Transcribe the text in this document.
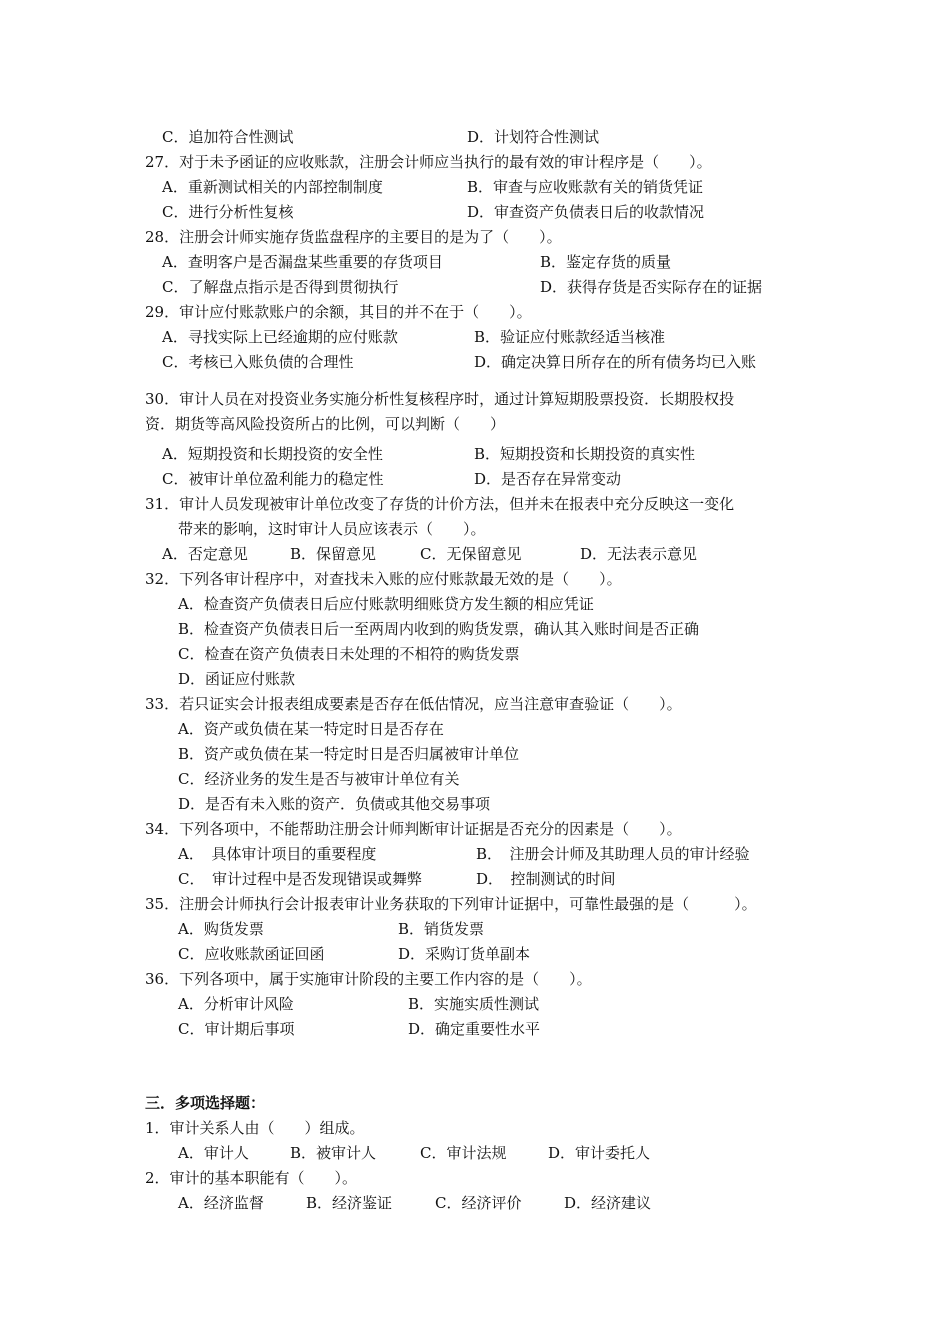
C．追加符合性测试	D．计划符合性测试
27．对于未予函证的应收账款，注册会计师应当执行的最有效的审计程序是（　　）。
A．重新测试相关的内部控制制度	B．审查与应收账款有关的销货凭证
C．进行分析性复核	D．审查资产负债表日后的收款情况
28．注册会计师实施存货监盘程序的主要目的是为了（　　）。
A．查明客户是否漏盘某些重要的存货项目	B．鉴定存货的质量
C．了解盘点指示是否得到贯彻执行	D．获得存货是否实际存在的证据
29．审计应付账款账户的余额，其目的并不在于（　　）。
A．寻找实际上已经逾期的应付账款	B．验证应付账款经适当核准
C．考核已入账负债的合理性	D．确定决算日所存在的所有债务均已入账
30．审计人员在对投资业务实施分析性复核程序时，通过计算短期股票投资．长期股权投
资．期货等高风险投资所占的比例，可以判断（　　）
A．短期投资和长期投资的安全性	B．短期投资和长期投资的真实性
C．被审计单位盈利能力的稳定性	D．是否存在异常变动
31．审计人员发现被审计单位改变了存货的计价方法，但并未在报表中充分反映这一变化
带来的影响，这时审计人员应该表示（　　）。
A．否定意见	B．保留意见	C．无保留意见	D．无法表示意见
32．下列各审计程序中，对查找未入账的应付账款最无效的是（　　）。
A．检查资产负债表日后应付账款明细账贷方发生额的相应凭证
B．检查资产负债表日后一至两周内收到的购货发票，确认其入账时间是否正确
C．检查在资产负债表日未处理的不相符的购货发票
D．函证应付账款
33．若只证实会计报表组成要素是否存在低估情况，应当注意审查验证（　　）。
A．资产或负债在某一特定时日是否存在
B．资产或负债在某一特定时日是否归属被审计单位
C．经济业务的发生是否与被审计单位有关
D．是否有未入账的资产．负债或其他交易事项
34．下列各项中，不能帮助注册会计师判断审计证据是否充分的因素是（　　）。
A．　具体审计项目的重要程度	B．　注册会计师及其助理人员的审计经验
C．　审计过程中是否发现错误或舞弊	D．　控制测试的时间
35．注册会计师执行会计报表审计业务获取的下列审计证据中，可靠性最强的是（　　　）。
A．购货发票	B．销货发票
C．应收账款函证回函	D．采购订货单副本
36．下列各项中，属于实施审计阶段的主要工作内容的是（　　）。
A．分析审计风险	B．实施实质性测试
C．审计期后事项	D．确定重要性水平
三．多项选择题：
1．审计关系人由（　　）组成。
A．审计人	B．被审计人	C．审计法规	D．审计委托人
2．审计的基本职能有（　　）。
A．经济监督	B．经济鉴证	C．经济评价	D．经济建议
